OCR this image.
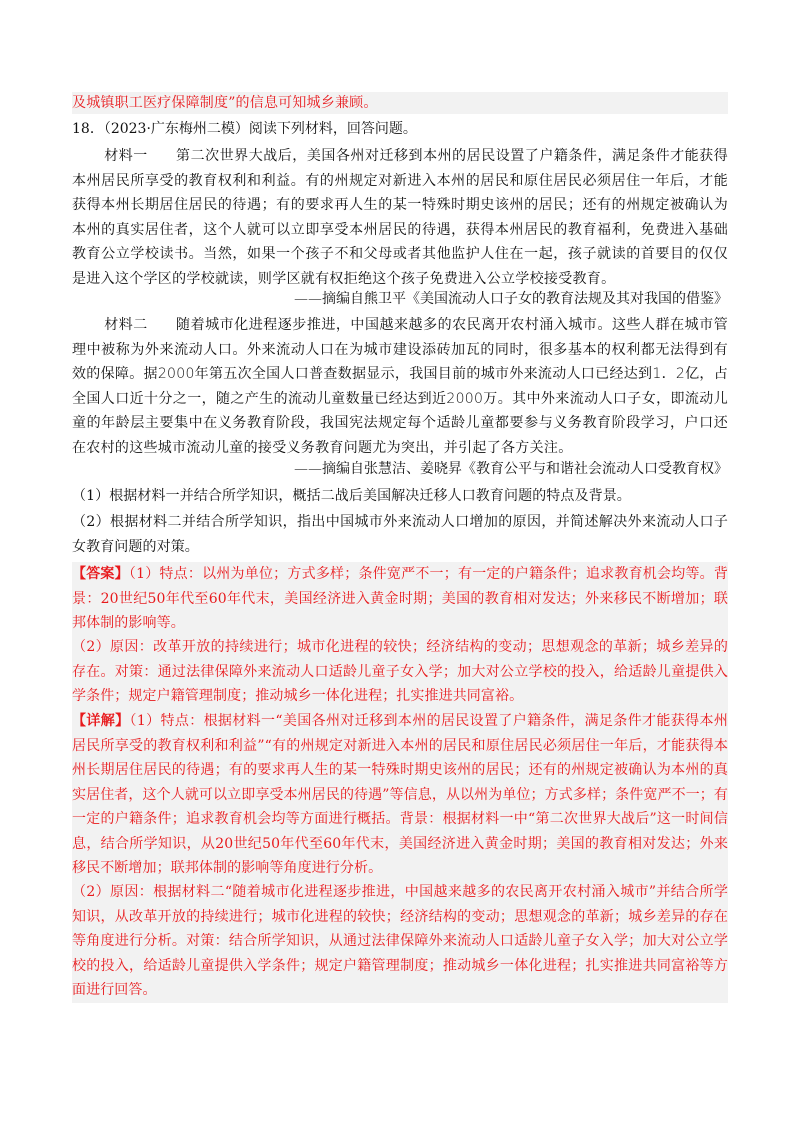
及城镇职工医疗保障制度”的信息可知城乡兼顾。
18．（2023·广东梅州二模）阅读下列材料，回答问题。
材料一 第二次世界大战后，美国各州对迁移到本州的居民设置了户籍条件，满足条件才能获得本州居民所享受的教育权利和利益。有的州规定对新进入本州的居民和原住居民必须居住一年后，才能获得本州长期居住居民的待遇；有的要求再人生的某一特殊时期史该州的居民；还有的州规定被确认为本州的真实居住者，这个人就可以立即享受本州居民的待遇，获得本州居民的教育福利，免费进入基础教育公立学校读书。当然，如果一个孩子不和父母或者其他监护人住在一起，孩子就读的首要目的仅仅是进入这个学区的学校就读，则学区就有权拒绝这个孩子免费进入公立学校接受教育。
——摘编自熊卫平《美国流动人口子女的教育法规及其对我国的借鉴》
材料二 随着城市化进程逐步推进，中国越来越多的农民离开农村涌入城市。这些人群在城市管理中被称为外来流动人口。外来流动人口在为城市建设添砖加瓦的同时，很多基本的权利都无法得到有效的保障。据2000年第五次全国人口普查数据显示，我国目前的城市外来流动人口已经达到1．2亿，占全国人口近十分之一，随之产生的流动儿童数量已经达到近2000万。其中外来流动人口子女，即流动儿童的年龄层主要集中在义务教育阶段，我国宪法规定每个适龄儿童都要参与义务教育阶段学习，户口还在农村的这些城市流动儿童的接受义务教育问题尤为突出，并引起了各方关注。
——摘编自张慧洁、姜晓昇《教育公平与和谐社会流动人口受教育权》
（1）根据材料一并结合所学知识，概括二战后美国解决迁移人口教育问题的特点及背景。
（2）根据材料二并结合所学知识，指出中国城市外来流动人口增加的原因，并简述解决外来流动人口子女教育问题的对策。
【答案】（1）特点：以州为单位；方式多样；条件宽严不一；有一定的户籍条件；追求教育机会均等。背景：20世纪50年代至60年代末，美国经济进入黄金时期；美国的教育相对发达；外来移民不断增加；联邦体制的影响等。
（2）原因：改革开放的持续进行；城市化进程的较快；经济结构的变动；思想观念的革新；城乡差异的存在。对策：通过法律保障外来流动人口适龄儿童子女入学；加大对公立学校的投入，给适龄儿童提供入学条件；规定户籍管理制度；推动城乡一体化进程；扎实推进共同富裕。
【详解】（1）特点：根据材料一“美国各州对迁移到本州的居民设置了户籍条件，满足条件才能获得本州居民所享受的教育权利和利益”“有的州规定对新进入本州的居民和原住居民必须居住一年后，才能获得本州长期居住居民的待遇；有的要求再人生的某一特殊时期史该州的居民；还有的州规定被确认为本州的真实居住者，这个人就可以立即享受本州居民的待遇”等信息，从以州为单位；方式多样；条件宽严不一；有一定的户籍条件；追求教育机会均等方面进行概括。背景：根据材料一中“第二次世界大战后”这一时间信息，结合所学知识，从20世纪50年代至60年代末，美国经济进入黄金时期；美国的教育相对发达；外来移民不断增加；联邦体制的影响等角度进行分析。
（2）原因：根据材料二“随着城市化进程逐步推进，中国越来越多的农民离开农村涌入城市”并结合所学知识，从改革开放的持续进行；城市化进程的较快；经济结构的变动；思想观念的革新；城乡差异的存在等角度进行分析。对策：结合所学知识，从通过法律保障外来流动人口适龄儿童子女入学；加大对公立学校的投入，给适龄儿童提供入学条件；规定户籍管理制度；推动城乡一体化进程；扎实推进共同富裕等方面进行回答。
